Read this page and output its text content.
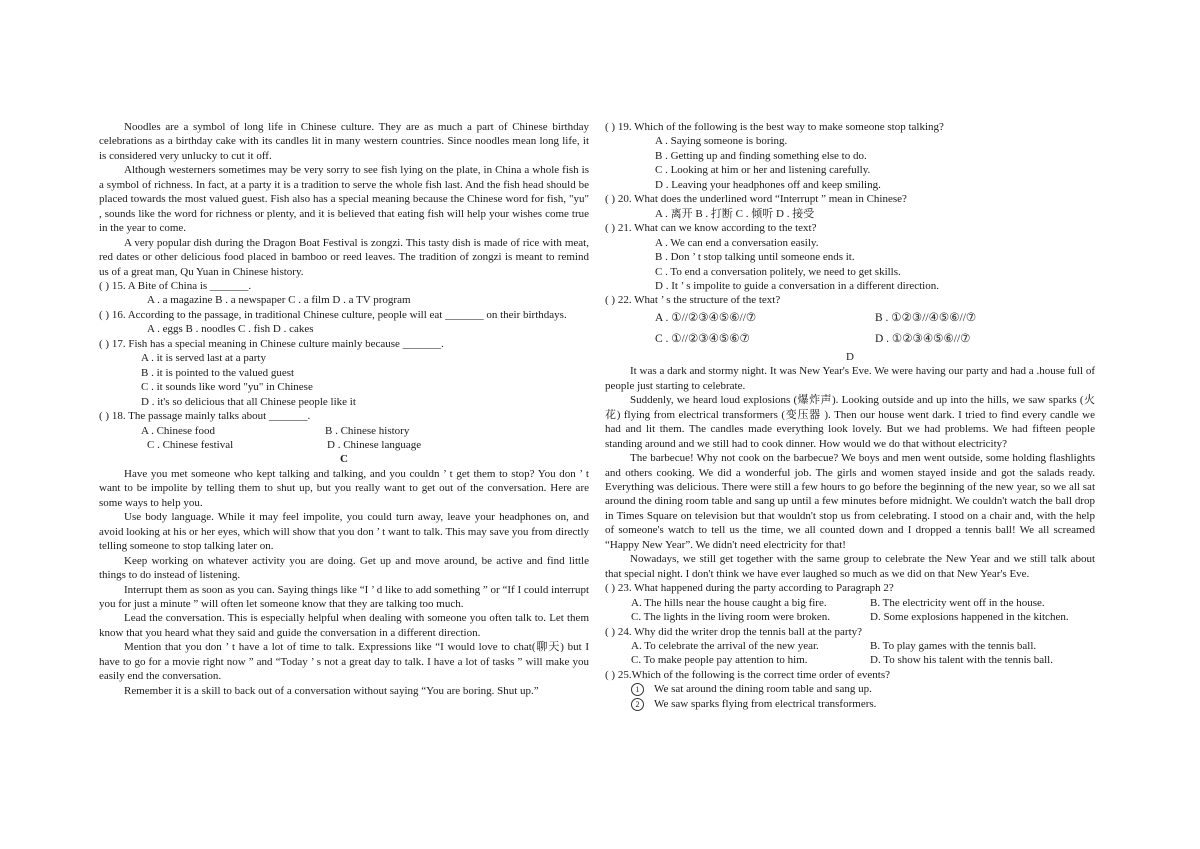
Noodles are a symbol of long life in Chinese culture. They are as much a part of Chinese birthday celebrations as a birthday cake with its candles lit in many western countries. Since noodles mean long life, it is considered very unlucky to cut it off.

Although westerners sometimes may be very sorry to see fish lying on the plate, in China a whole fish is a symbol of richness. In fact, at a party it is a tradition to serve the whole fish last. And the fish head should be placed towards the most valued guest. Fish also has a special meaning because the Chinese word for fish, "yu" , sounds like the word for richness or plenty, and it is believed that eating fish will help your wishes come true in the year to come.

A very popular dish during the Dragon Boat Festival is zongzi. This tasty dish is made of rice with meat, red dates or other delicious food placed in bamboo or reed leaves. The tradition of zongzi is meant to remind us of a great man, Qu Yuan in Chinese history.

( ) 15. A Bite of China is _______.

A . a magazine B . a newspaper C . a film D . a TV program

( ) 16. According to the passage, in traditional Chinese culture, people will eat _______ on their birthdays.

A . eggs B . noodles C . fish D . cakes

( ) 17. Fish has a special meaning in Chinese culture mainly because _______.

A . it is served last at a party

B . it is pointed to the valued guest

C . it sounds like word "yu" in Chinese

D . it's so delicious that all Chinese people like it

( ) 18. The passage mainly talks about _______.

A . Chinese food	B . Chinese history
C . Chinese festival	D . Chinese language

C

Have you met someone who kept talking and talking, and you couldn ’ t get them to stop? You don ’ t want to be impolite by telling them to shut up, but you really want to get out of the conversation. Here are some ways to help you.

Use body language. While it may feel impolite, you could turn away, leave your headphones on, and avoid looking at his or her eyes, which will show that you don ’ t want to talk. This may save you from directly telling someone to stop talking later on.

Keep working on whatever activity you are doing. Get up and move around, be active and find little things to do instead of listening.

Interrupt them as soon as you can. Saying things like “I ’ d like to add something ” or “If I could interrupt you for just a minute ” will often let someone know that they are talking too much.

Lead the conversation. This is especially helpful when dealing with someone you often talk to. Let them know that you heard what they said and guide the conversation in a different direction.

Mention that you don ’ t have a lot of time to talk. Expressions like “I would love to chat(聊天) but I have to go for a movie right now ” and “Today ’ s not a great day to talk. I have a lot of tasks ” will make you easily end the conversation.

Remember it is a skill to back out of a conversation without saying “You are boring. Shut up.”

( ) 19. Which of the following is the best way to make someone stop talking?

A . Saying someone is boring.

B . Getting up and finding something else to do.

C . Looking at him or her and listening carefully.

D . Leaving your headphones off and keep smiling.

( ) 20. What does the underlined word “Interrupt ” mean in Chinese?

A . 离开 B . 打断 C . 倾听 D . 接受

( ) 21. What can we know according to the text?

A . We can end a conversation easily.

B . Don ’ t stop talking until someone ends it.

C . To end a conversation politely, we need to get skills.

D . It ’ s impolite to guide a conversation in a different direction.

( ) 22. What ’ s the structure of the text?

A . ①//②③④⑤⑥//⑦	B . ①②③//④⑤⑥//⑦
C . ①//②③④⑤⑥⑦	D . ①②③④⑤⑥//⑦

D

It was a dark and stormy night. It was New Year's Eve. We were having our party and had a .house full of people just starting to celebrate.

Suddenly, we heard loud explosions (爆炸声). Looking outside and up into the hills, we saw sparks (火花) flying from electrical transformers (变压器 ). Then our house went dark. I tried to find every candle we had and lit them. The candles made everything look lovely. But we had problems. We had fifteen people standing around and we still had to cook dinner. How would we do that without electricity?

The barbecue! Why not cook on the barbecue? We boys and men went outside, some holding flashlights and others cooking. We did a wonderful job. The girls and women stayed inside and got the salads ready. Everything was delicious. There were still a few hours to go before the beginning of the new year, so we all sat around the dining room table and sang up until a few minutes before midnight. We couldn't watch the ball drop in Times Square on television but that wouldn't stop us from celebrating. I stood on a chair and, with the help of someone's watch to tell us the time, we all counted down and I dropped a tennis ball! We all screamed “Happy New Year”. We didn't need electricity for that!

Nowadays, we still get together with the same group to celebrate the New Year and we still talk about that special night. I don't think we have ever laughed so much as we did on that New Year's Eve.

( ) 23. What happened during the party according to Paragraph 2?

A. The hills near the house caught a big fire.	B. The electricity went off in the house.
C. The lights in the living room were broken.	D. Some explosions happened in the kitchen.

( ) 24. Why did the writer drop the tennis ball at the party?

A. To celebrate the arrival of the new year.	B. To play games with the tennis ball.
C. To make people pay attention to him.	D. To show his talent with the tennis ball.

( ) 25.Which of the following is the correct time order of events?

1 We sat around the dining room table and sang up.

2 We saw sparks flying from electrical transformers.
